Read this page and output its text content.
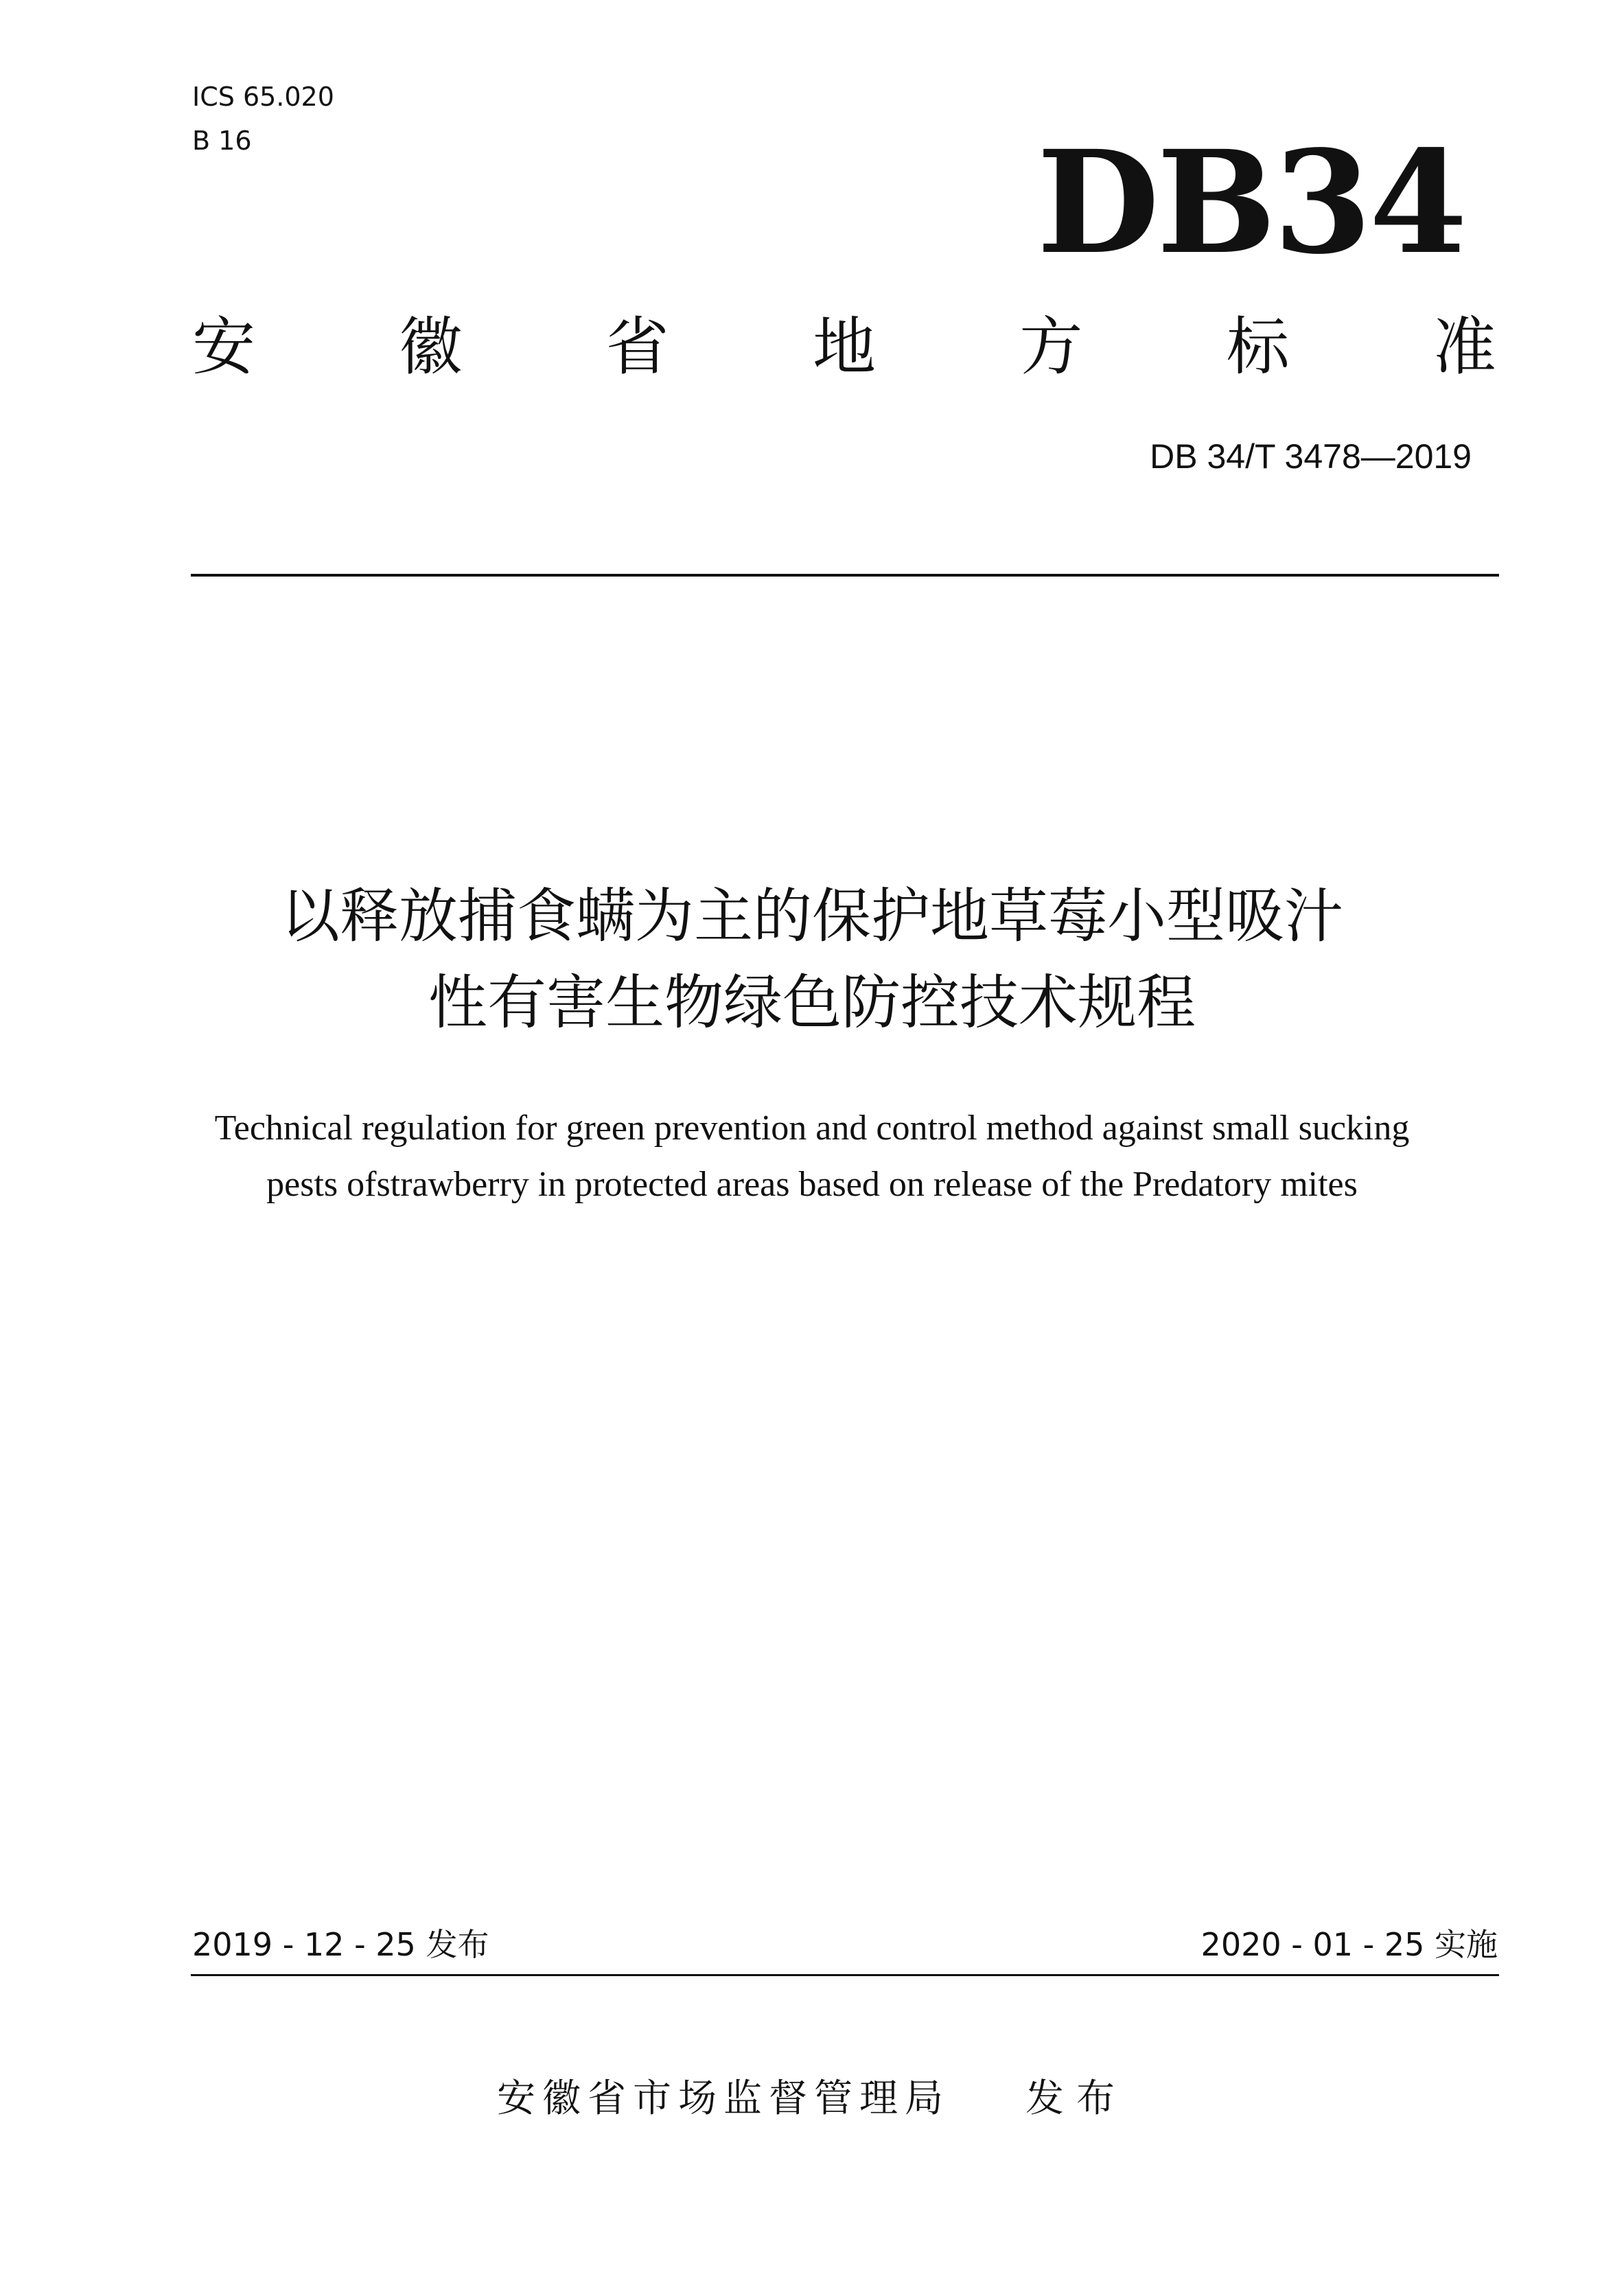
ICS 65.020
B 16	DB34
安 徽 省 地 方 标 准
DB 34/T 3478—2019
以释放捕食螨为主的保护地草莓小型吸汁
性有害生物绿色防控技术规程
Technical regulation for green prevention and control method against small sucking
pests ofstrawberry in protected areas based on release of the Predatory mites
2019 - 12 - 25 发布	2020 - 01 - 25 实施
安徽省市场监督管理局 发布
